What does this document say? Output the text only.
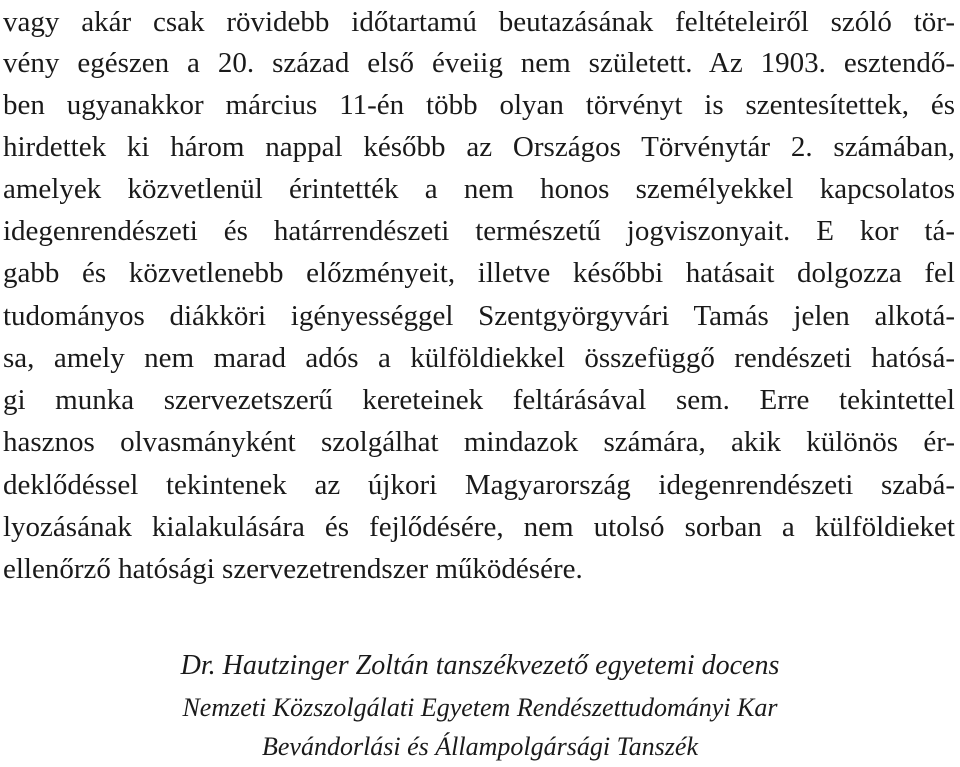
vagy akár csak rövidebb időtartamú beutazásának feltételeiről szóló tör-
vény egészen a 20. század első éveiig nem született. Az 1903. esztendő-
ben ugyanakkor március 11-én több olyan törvényt is szentesítettek, és
hirdettek ki három nappal később az Országos Törvénytár 2. számában,
amelyek közvetlenül érintették a nem honos személyekkel kapcsolatos
idegenrendészeti és határrendészeti természetű jogviszonyait. E kor tá-
gabb és közvetlenebb előzményeit, illetve későbbi hatásait dolgozza fel
tudományos diákköri igényességgel Szentgyörgyvári Tamás jelen alkotá-
sa, amely nem marad adós a külföldiekkel összefüggő rendészeti hatósá-
gi munka szervezetszerű kereteinek feltárásával sem. Erre tekintettel
hasznos olvasmányként szolgálhat mindazok számára, akik különös ér-
deklődéssel tekintenek az újkori Magyarország idegenrendészeti szabá-
lyozásának kialakulására és fejlődésére, nem utolsó sorban a külföldieket
ellenőrző hatósági szervezetrendszer működésére.
Dr. Hautzinger Zoltán tanszékvezető egyetemi docens
Nemzeti Közszolgálati Egyetem Rendészettudományi Kar
Bevándorlási és Állampolgársági Tanszék
